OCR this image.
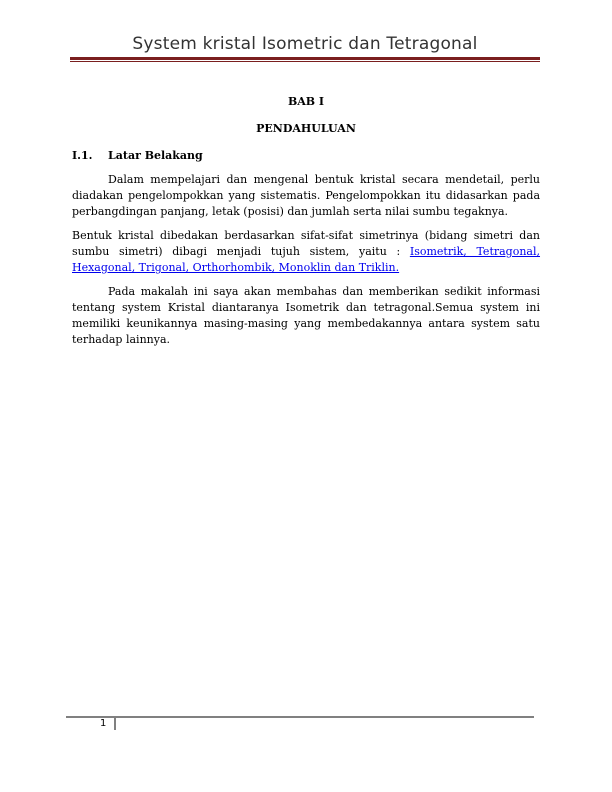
System kristal Isometric dan Tetragonal

BAB I

PENDAHULUAN

I.1.	Latar Belakang

Dalam mempelajari dan mengenal bentuk kristal secara mendetail, perlu diadakan pengelompokkan yang sistematis. Pengelompokkan itu didasarkan pada perbangdingan panjang, letak (posisi) dan jumlah serta nilai sumbu tegaknya.

Bentuk kristal dibedakan berdasarkan sifat-sifat simetrinya (bidang simetri dan sumbu simetri) dibagi menjadi tujuh sistem, yaitu : Isometrik, Tetragonal, Hexagonal, Trigonal, Orthorhombik, Monoklin dan Triklin.

Pada makalah ini saya akan membahas dan memberikan sedikit informasi tentang system Kristal diantaranya Isometrik dan tetragonal.Semua system ini memiliki keunikannya masing-masing yang membedakannya antara system satu terhadap lainnya.

1
